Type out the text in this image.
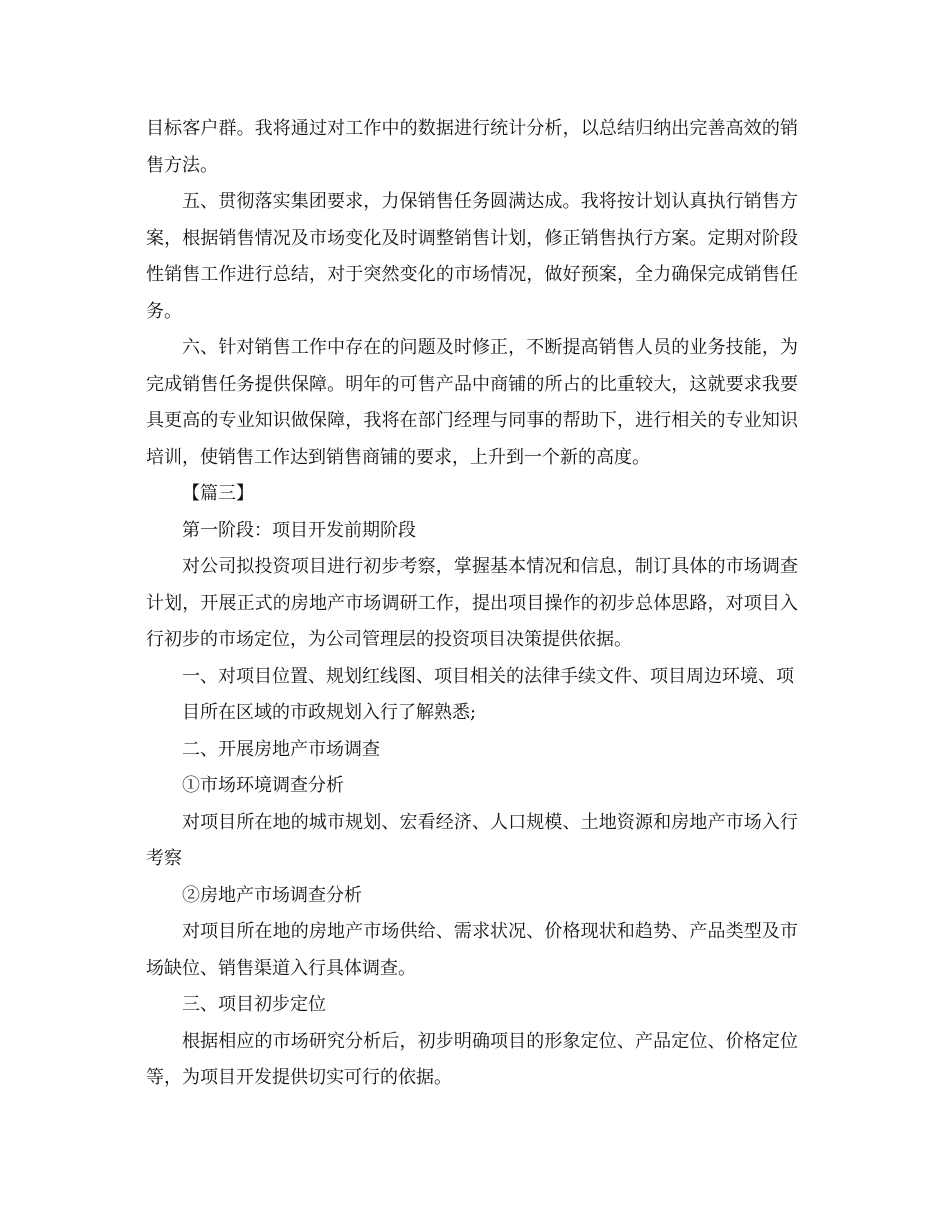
目标客户群。我将通过对工作中的数据进行统计分析，以总结归纳出完善高效的销售方法。

五、贯彻落实集团要求，力保销售任务圆满达成。我将按计划认真执行销售方案，根据销售情况及市场变化及时调整销售计划，修正销售执行方案。定期对阶段性销售工作进行总结，对于突然变化的市场情况，做好预案，全力确保完成销售任务。

六、针对销售工作中存在的问题及时修正，不断提高销售人员的业务技能，为完成销售任务提供保障。明年的可售产品中商铺的所占的比重较大，这就要求我要具更高的专业知识做保障，我将在部门经理与同事的帮助下，进行相关的专业知识培训，使销售工作达到销售商铺的要求，上升到一个新的高度。

【篇三】

第一阶段：项目开发前期阶段

对公司拟投资项目进行初步考察，掌握基本情况和信息，制订具体的市场调查计划，开展正式的房地产市场调研工作，提出项目操作的初步总体思路，对项目入行初步的市场定位，为公司管理层的投资项目决策提供依据。

一、对项目位置、规划红线图、项目相关的法律手续文件、项目周边环境、项

目所在区域的市政规划入行了解熟悉;

二、开展房地产市场调查

①市场环境调查分析

对项目所在地的城市规划、宏看经济、人口规模、土地资源和房地产市场入行考察

②房地产市场调查分析

对项目所在地的房地产市场供给、需求状况、价格现状和趋势、产品类型及市场缺位、销售渠道入行具体调查。

三、项目初步定位

根据相应的市场研究分析后，初步明确项目的形象定位、产品定位、价格定位等，为项目开发提供切实可行的依据。
